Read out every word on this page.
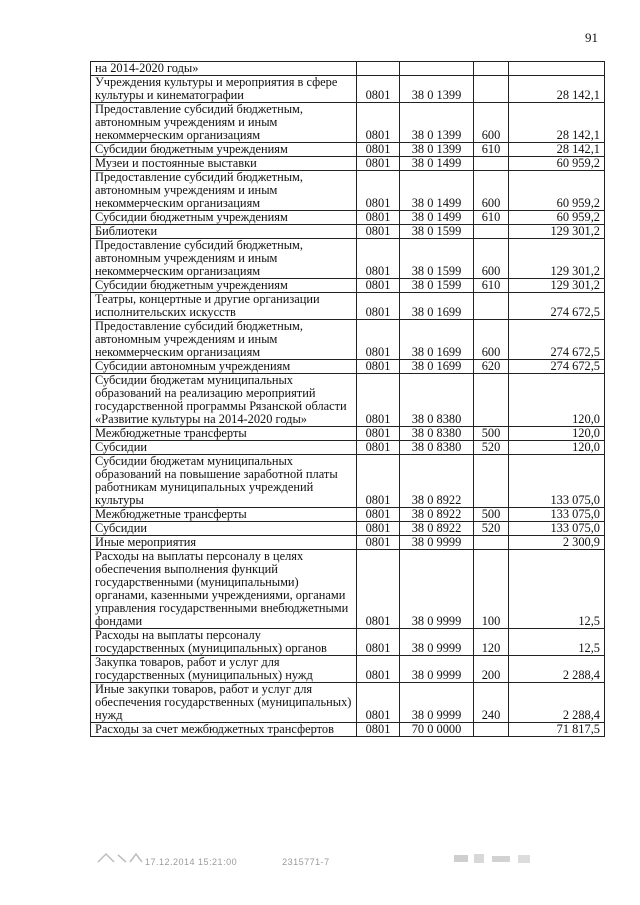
91
на 2014-2020 годы»				
Учреждения культуры и мероприятия в сфере культуры и кинематографии	0801	38 0 1399		28 142,1
Предоставление субсидий бюджетным, автономным учреждениям и иным некоммерческим организациям	0801	38 0 1399	600	28 142,1
Субсидии бюджетным учреждениям	0801	38 0 1399	610	28 142,1
Музеи и постоянные выставки	0801	38 0 1499		60 959,2
Предоставление субсидий бюджетным, автономным учреждениям и иным некоммерческим организациям	0801	38 0 1499	600	60 959,2
Субсидии бюджетным учреждениям	0801	38 0 1499	610	60 959,2
Библиотеки	0801	38 0 1599		129 301,2
Предоставление субсидий бюджетным, автономным учреждениям и иным некоммерческим организациям	0801	38 0 1599	600	129 301,2
Субсидии бюджетным учреждениям	0801	38 0 1599	610	129 301,2
Театры, концертные и другие организации исполнительских искусств	0801	38 0 1699		274 672,5
Предоставление субсидий бюджетным, автономным учреждениям и иным некоммерческим организациям	0801	38 0 1699	600	274 672,5
Субсидии автономным учреждениям	0801	38 0 1699	620	274 672,5
Субсидии бюджетам муниципальных образований на реализацию мероприятий государственной программы Рязанской области «Развитие культуры на 2014-2020 годы»	0801	38 0 8380		120,0
Межбюджетные трансферты	0801	38 0 8380	500	120,0
Субсидии	0801	38 0 8380	520	120,0
Субсидии бюджетам муниципальных образований на повышение заработной платы работникам муниципальных учреждений культуры	0801	38 0 8922		133 075,0
Межбюджетные трансферты	0801	38 0 8922	500	133 075,0
Субсидии	0801	38 0 8922	520	133 075,0
Иные мероприятия	0801	38 0 9999		2 300,9
Расходы на выплаты персоналу в целях обеспечения выполнения функций государственными (муниципальными) органами, казенными учреждениями, органами управления государственными внебюджетными фондами	0801	38 0 9999	100	12,5
Расходы на выплаты персоналу государственных (муниципальных) органов	0801	38 0 9999	120	12,5
Закупка товаров, работ и услуг для государственных (муниципальных) нужд	0801	38 0 9999	200	2 288,4
Иные закупки товаров, работ и услуг для обеспечения государственных (муниципальных) нужд	0801	38 0 9999	240	2 288,4
Расходы за счет межбюджетных трансфертов	0801	70 0 0000		71 817,5
17.12.2014 15:21:00	2315771-7
